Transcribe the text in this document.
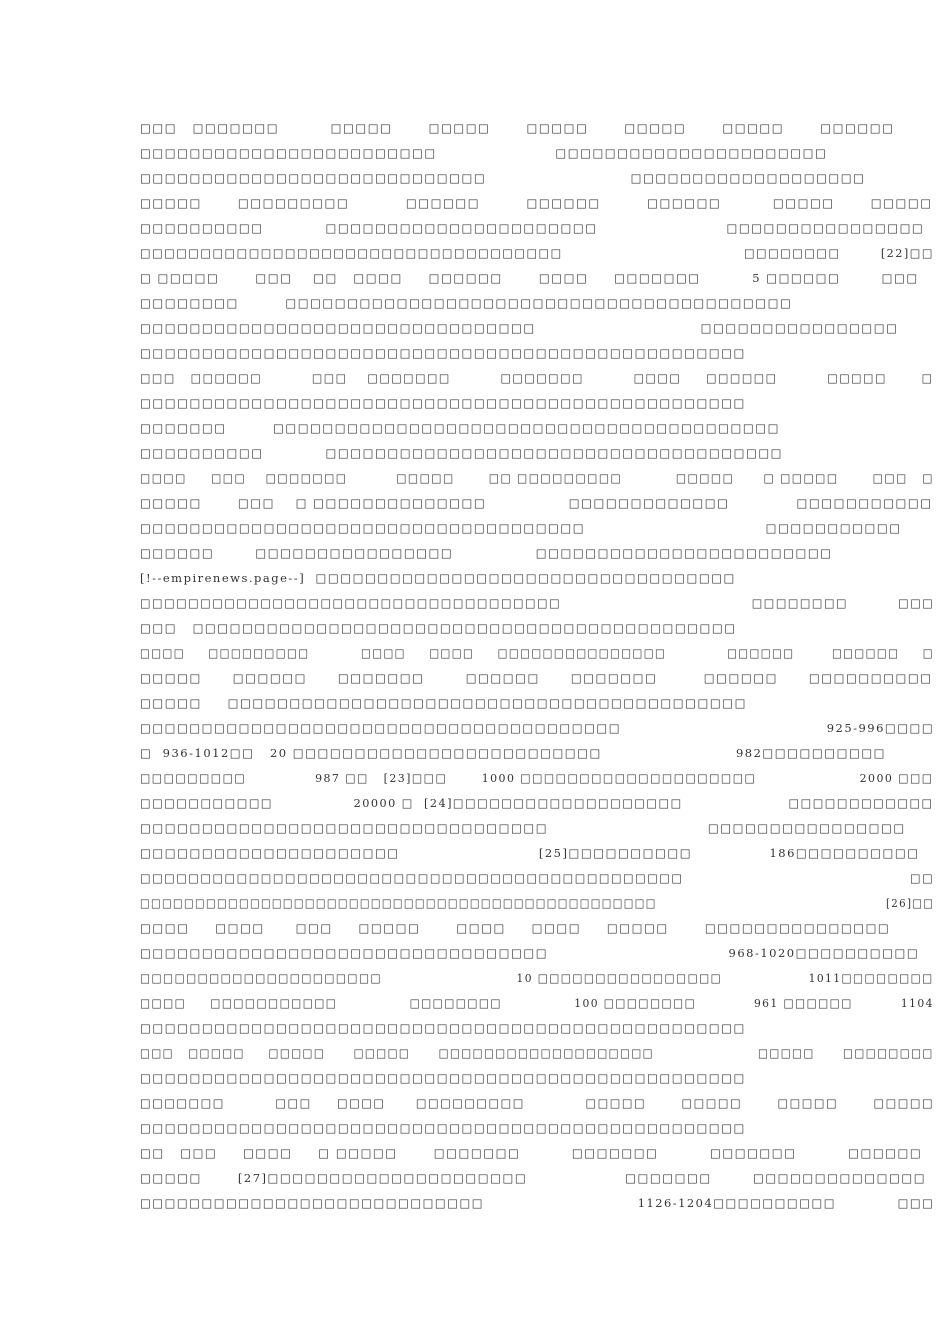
□□□   □□□□□□□          □□□□□       □□□□□       □□□□□       □□□□□       □□□□□       □□□□□□
□□□□□□□□□□□□□□□□□□□□□□□□                       □□□□□□□□□□□□□□□□□□□□□□
□□□□□□□□□□□□□□□□□□□□□□□□□□□□                            □□□□□□□□□□□□□□□□□□□
□□□□□       □□□□□□□□□           □□□□□□         □□□□□□         □□□□□□          □□□□□       □□□□□
□□□□□□□□□□            □□□□□□□□□□□□□□□□□□□□□□                         □□□□□□□□□□□□□□□□
□□□□□□□□□□□□□□□□□□□□□□□□□□□□□□□□□□□                                    □□□□□□□□        [22]□□
□ □□□□□       □□□    □□   □□□□     □□□□□□       □□□□     □□□□□□□          5 □□□□□□        □□□
□□□□□□□□         □□□□□□□□□□□□□□□□□□□□□□□□□□□□□□□□□□□□□□□□□
□□□□□□□□□□□□□□□□□□□□□□□□□□□□□□□□                                □□□□□□□□□□□□□□□□
□□□□□□□□□□□□□□□□□□□□□□□□□□□□□□□□□□□□□□□□□□□□□□□□□
□□□   □□□□□□          □□□    □□□□□□□          □□□□□□□          □□□□     □□□□□□          □□□□□       □
□□□□□□□□□□□□□□□□□□□□□□□□□□□□□□□□□□□□□□□□□□□□□□□□□
□□□□□□□         □□□□□□□□□□□□□□□□□□□□□□□□□□□□□□□□□□□□□□□□□
□□□□□□□□□□            □□□□□□□□□□□□□□□□□□□□□□□□□□□□□□□□□□□□□
□□□□     □□□    □□□□□□□          □□□□□       □□ □□□□□□□□□           □□□□□      □ □□□□□       □□□   □
□□□□□       □□□    □ □□□□□□□□□□□□□□                □□□□□□□□□□□□□             □□□□□□□□□□□
□□□□□□□□□□□□□□□□□□□□□□□□□□□□□□□□□□□□                                   □□□□□□□□□□□
□□□□□□        □□□□□□□□□□□□□□□□                □□□□□□□□□□□□□□□□□□□□□□□□
[!--empirenews.page--]  □□□□□□□□□□□□□□□□□□□□□□□□□□□□□□□□□□
□□□□□□□□□□□□□□□□□□□□□□□□□□□□□□□□□□□                                      □□□□□□□□          □□□
□□□   □□□□□□□□□□□□□□□□□□□□□□□□□□□□□□□□□□□□□□□□□□□□
□□□□     □□□□□□□□□           □□□□     □□□□     □□□□□□□□□□□□□□□             □□□□□□        □□□□□□     □
□□□□□      □□□□□□      □□□□□□□        □□□□□□      □□□□□□□         □□□□□□      □□□□□□□□□□
□□□□□     □□□□□□□□□□□□□□□□□□□□□□□□□□□□□□□□□□□□□□□□□□
□□□□□□□□□□□□□□□□□□□□□□□□□□□□□□□□□□□□□□□                                        925-996□□□□
□  936-1012□□   20 □□□□□□□□□□□□□□□□□□□□□□□□□                          982□□□□□□□□□□
□□□□□□□□□              987 □□   [23]□□□       1000 □□□□□□□□□□□□□□□□□□□□                     2000 □□□
□□□□□□□□□□□                20000 □  [24]□□□□□□□□□□□□□□□□□□□                     □□□□□□□□□□□□
□□□□□□□□□□□□□□□□□□□□□□□□□□□□□□□□□                               □□□□□□□□□□□□□□□□
□□□□□□□□□□□□□□□□□□□□□                           [25]□□□□□□□□□□               186□□□□□□□□□□
□□□□□□□□□□□□□□□□□□□□□□□□□□□□□□□□□□□□□□□□□□□□□                                             □□
□□□□□□□□□□□□□□□□□□□□□□□□□□□□□□□□□□□□□□□□□□□□□□□                                                  [26]□□
□□□□     □□□□      □□□     □□□□□       □□□□     □□□□     □□□□□       □□□□□□□□□□□□□□□
□□□□□□□□□□□□□□□□□□□□□□□□□□□□□□□□□                                   968-1020□□□□□□□□□□
□□□□□□□□□□□□□□□□□□□□□                            10 □□□□□□□□□□□□□□□□                  1011□□□□□□□□
□□□□     □□□□□□□□□□□               □□□□□□□□               100 □□□□□□□□            961 □□□□□□          1104
□□□□□□□□□□□□□□□□□□□□□□□□□□□□□□□□□□□□□□□□□□□□□□□□□
□□□   □□□□□     □□□□□      □□□□□      □□□□□□□□□□□□□□□□□□□                      □□□□□      □□□□□□□□
□□□□□□□□□□□□□□□□□□□□□□□□□□□□□□□□□□□□□□□□□□□□□□□□□
□□□□□□□          □□□     □□□□      □□□□□□□□□            □□□□□       □□□□□       □□□□□       □□□□□
□□□□□□□□□□□□□□□□□□□□□□□□□□□□□□□□□□□□□□□□□□□□□□□□□
□□   □□□     □□□□     □ □□□□□       □□□□□□□          □□□□□□□          □□□□□□□          □□□□□□
□□□□□       [27]□□□□□□□□□□□□□□□□□□□□□                   □□□□□□□        □□□□□□□□□□□□□□
□□□□□□□□□□□□□□□□□□□□□□□□□□□□                              1126-1204□□□□□□□□□□            □□□
